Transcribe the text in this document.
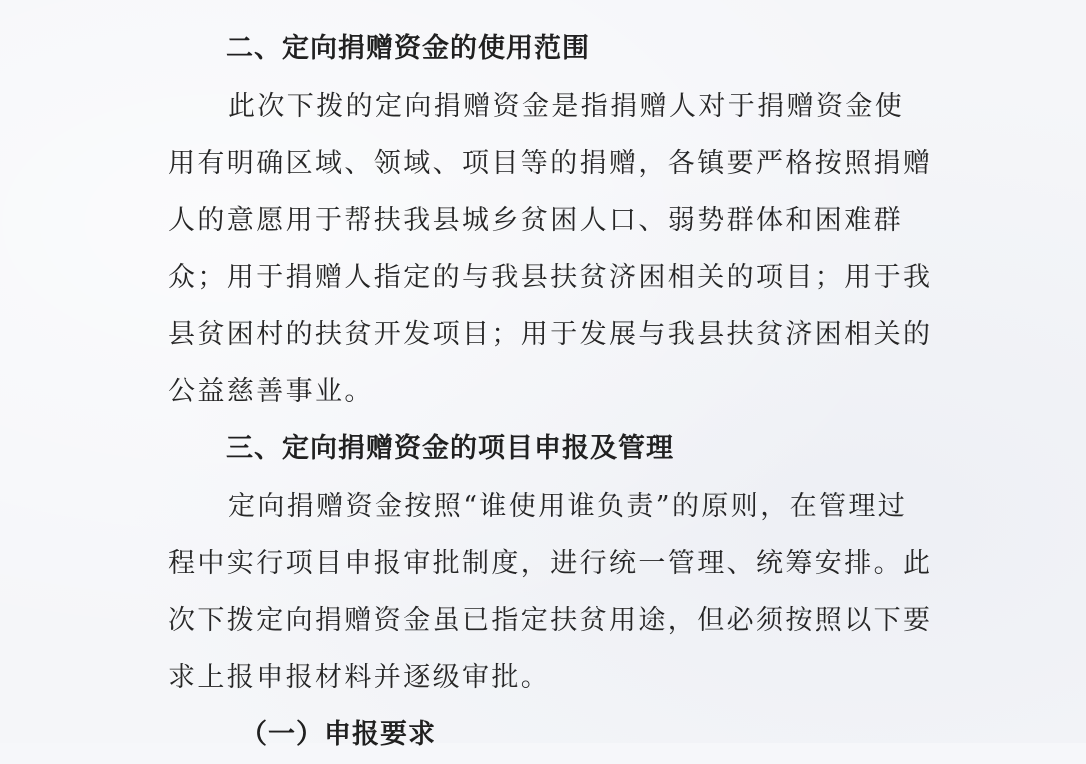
二、定向捐赠资金的使用范围
此次下拨的定向捐赠资金是指捐赠人对于捐赠资金使
用有明确区域、领域、项目等的捐赠，各镇要严格按照捐赠
人的意愿用于帮扶我县城乡贫困人口、弱势群体和困难群
众；用于捐赠人指定的与我县扶贫济困相关的项目；用于我
县贫困村的扶贫开发项目；用于发展与我县扶贫济困相关的
公益慈善事业。
三、定向捐赠资金的项目申报及管理
定向捐赠资金按照“谁使用谁负责”的原则，在管理过
程中实行项目申报审批制度，进行统一管理、统筹安排。此
次下拨定向捐赠资金虽已指定扶贫用途，但必须按照以下要
求上报申报材料并逐级审批。
（一）申报要求
